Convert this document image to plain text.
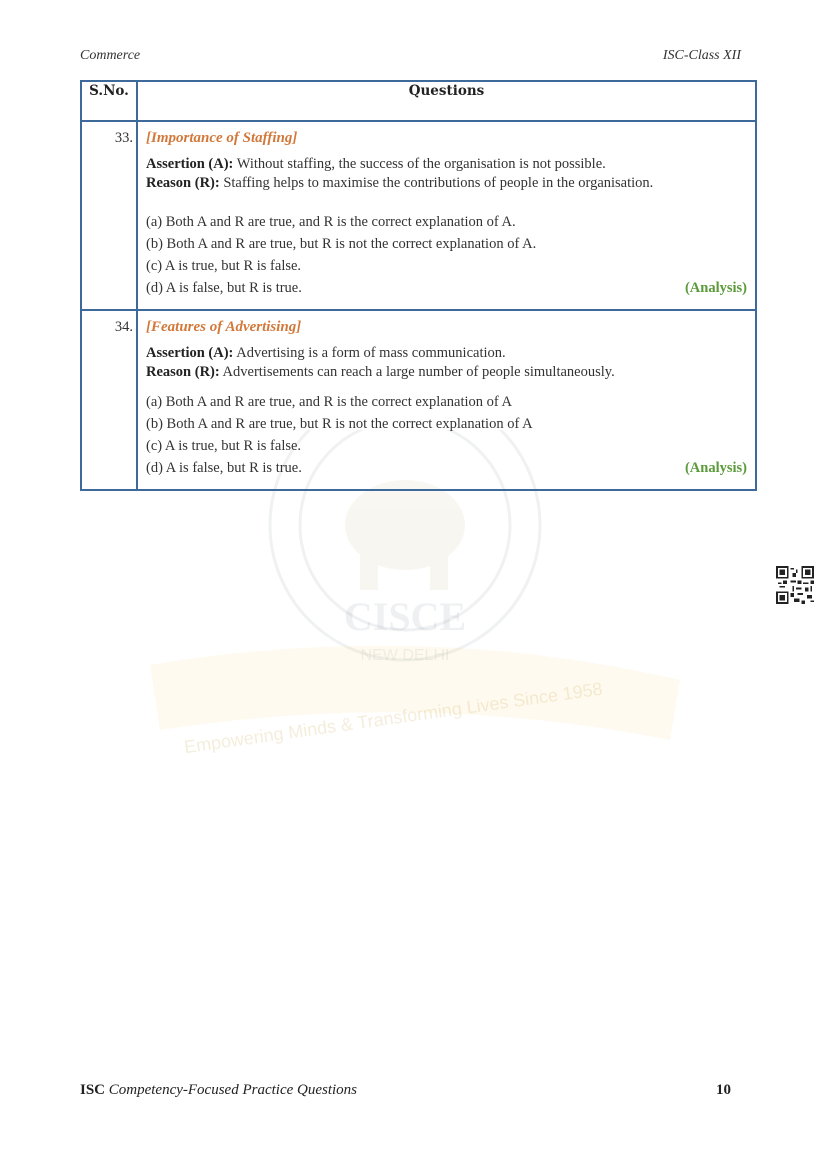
Commerce	ISC-Class XII
CISCE
NEW DELHI
Empowering Minds & Transforming Lives Since 1958
S.No.	Questions
33.	[Importance of Staffing]
Assertion (A): Without staffing, the success of the organisation is not possible.
Reason (R): Staffing helps to maximise the contributions of people in the organisation.
(a) Both A and R are true, and R is the correct explanation of A.
(b) Both A and R are true, but R is not the correct explanation of A.
(c) A is true, but R is false.
(d) A is false, but R is true.	(Analysis)

34.	[Features of Advertising]
Assertion (A): Advertising is a form of mass communication.
Reason (R): Advertisements can reach a large number of people simultaneously.
(a) Both A and R are true, and R is the correct explanation of A
(b) Both A and R are true, but R is not the correct explanation of A
(c) A is true, but R is false.
(d) A is false, but R is true.	(Analysis)
ISC Competency-Focused Practice Questions	10
